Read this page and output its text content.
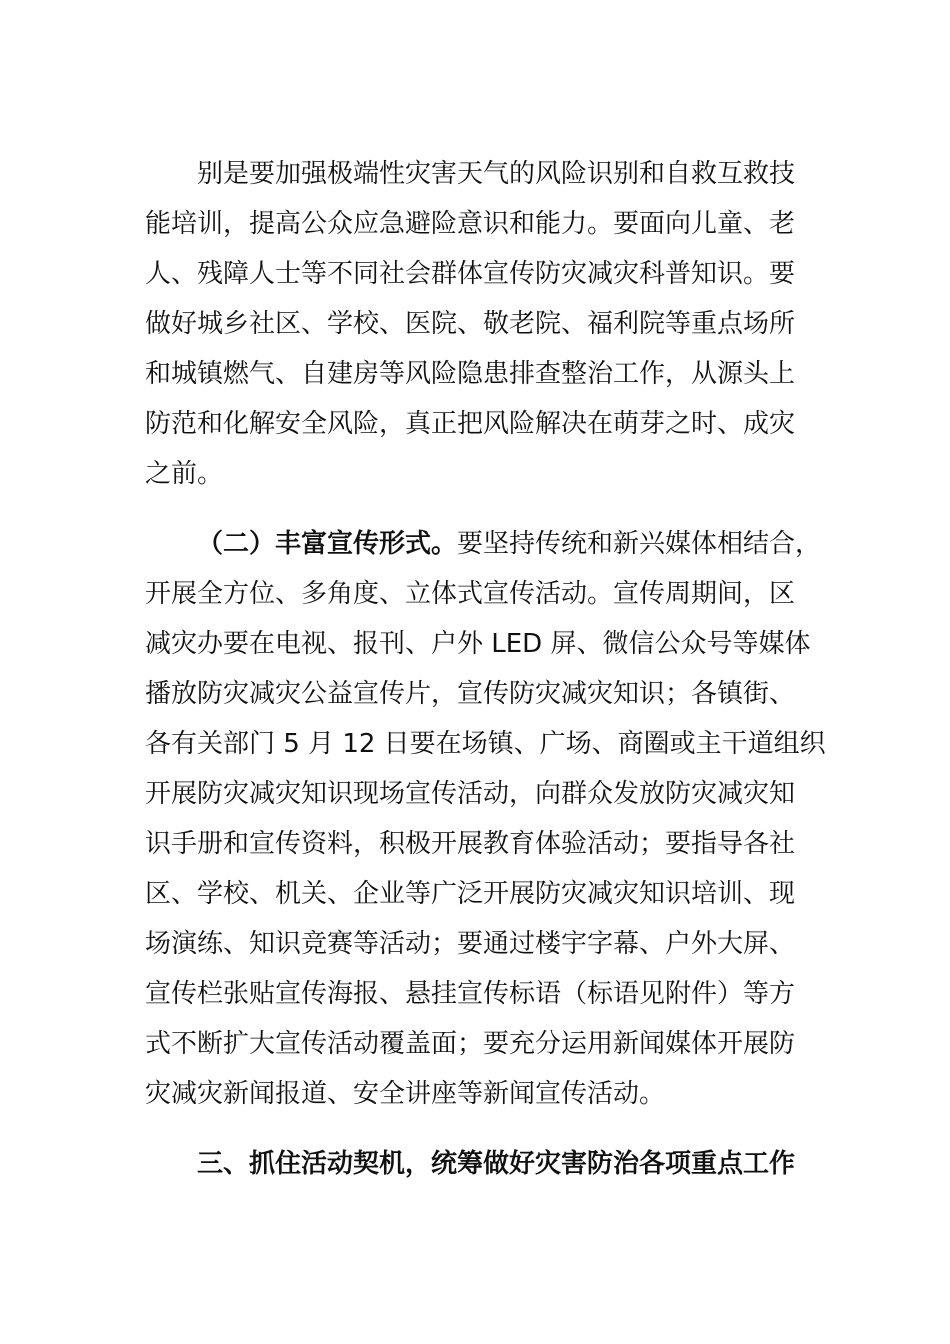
别是要加强极端性灾害天气的风险识别和自救互救技
能培训，提高公众应急避险意识和能力。要面向儿童、老
人、残障人士等不同社会群体宣传防灾减灾科普知识。要
做好城乡社区、学校、医院、敬老院、福利院等重点场所
和城镇燃气、自建房等风险隐患排查整治工作，从源头上
防范和化解安全风险，真正把风险解决在萌芽之时、成灾
之前。
（二）丰富宣传形式。要坚持传统和新兴媒体相结合，
开展全方位、多角度、立体式宣传活动。宣传周期间，区
减灾办要在电视、报刊、户外 LED 屏、微信公众号等媒体
播放防灾减灾公益宣传片，宣传防灾减灾知识；各镇街、
各有关部门 5 月 12 日要在场镇、广场、商圈或主干道组织
开展防灾减灾知识现场宣传活动，向群众发放防灾减灾知
识手册和宣传资料，积极开展教育体验活动；要指导各社
区、学校、机关、企业等广泛开展防灾减灾知识培训、现
场演练、知识竞赛等活动；要通过楼宇字幕、户外大屏、
宣传栏张贴宣传海报、悬挂宣传标语（标语见附件）等方
式不断扩大宣传活动覆盖面；要充分运用新闻媒体开展防
灾减灾新闻报道、安全讲座等新闻宣传活动。
三、抓住活动契机，统筹做好灾害防治各项重点工作
